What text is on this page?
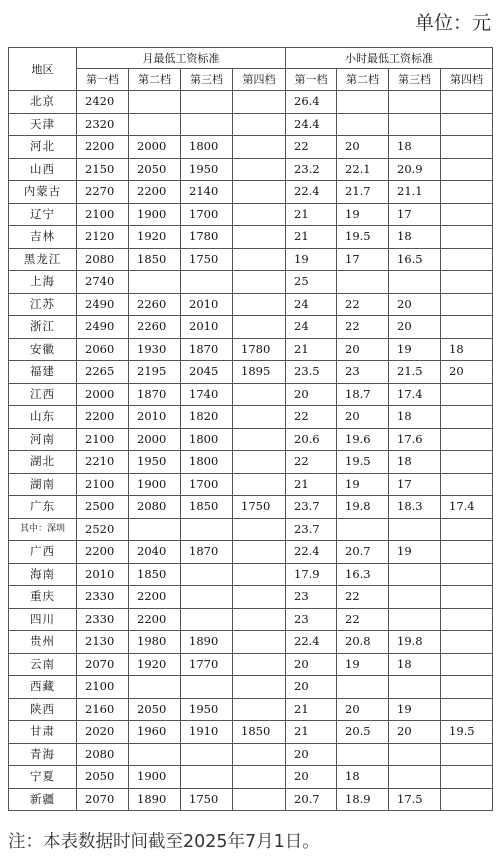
单位：元
地区	月最低工资标准				小时最低工资标准			
	第一档	第二档	第三档	第四档	第一档	第二档	第三档	第四档
北京	2420				26.4			
天津	2320				24.4			
河北	2200	2000	1800		22	20	18	
山西	2150	2050	1950		23.2	22.1	20.9	
内蒙古	2270	2200	2140		22.4	21.7	21.1	
辽宁	2100	1900	1700		21	19	17	
吉林	2120	1920	1780		21	19.5	18	
黑龙江	2080	1850	1750		19	17	16.5	
上海	2740				25			
江苏	2490	2260	2010		24	22	20	
浙江	2490	2260	2010		24	22	20	
安徽	2060	1930	1870	1780	21	20	19	18
福建	2265	2195	2045	1895	23.5	23	21.5	20
江西	2000	1870	1740		20	18.7	17.4	
山东	2200	2010	1820		22	20	18	
河南	2100	2000	1800		20.6	19.6	17.6	
湖北	2210	1950	1800		22	19.5	18	
湖南	2100	1900	1700		21	19	17	
广东	2500	2080	1850	1750	23.7	19.8	18.3	17.4
其中：深圳	2520				23.7			
广西	2200	2040	1870		22.4	20.7	19	
海南	2010	1850			17.9	16.3		
重庆	2330	2200			23	22		
四川	2330	2200			23	22		
贵州	2130	1980	1890		22.4	20.8	19.8	
云南	2070	1920	1770		20	19	18	
西藏	2100				20			
陕西	2160	2050	1950		21	20	19	
甘肃	2020	1960	1910	1850	21	20.5	20	19.5
青海	2080				20			
宁夏	2050	1900			20	18		
新疆	2070	1890	1750		20.7	18.9	17.5	
注：本表数据时间截至2025年7月1日。
